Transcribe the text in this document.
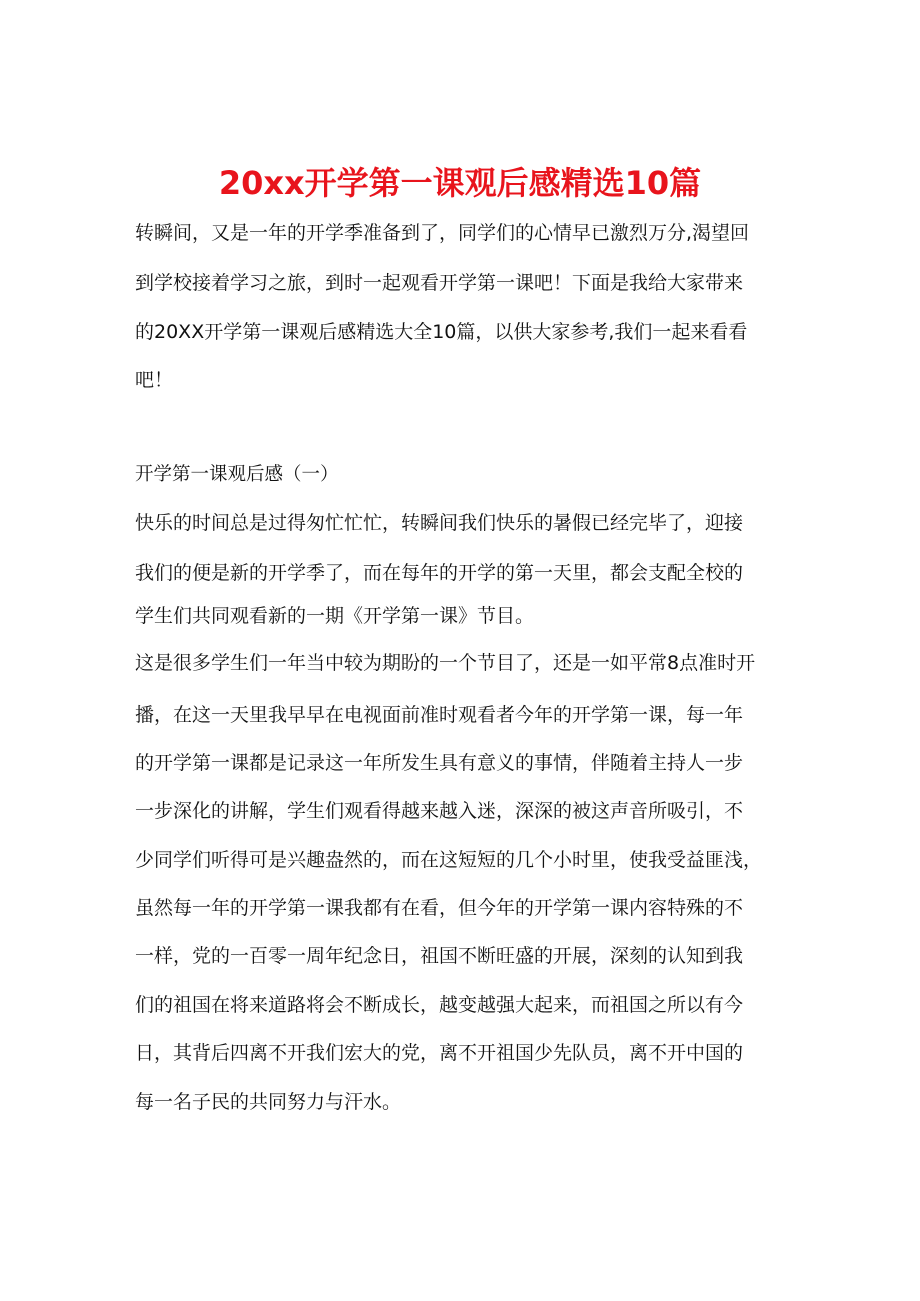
20xx开学第一课观后感精选10篇

转瞬间，又是一年的开学季准备到了，同学们的心情早已激烈万分,渴望回

到学校接着学习之旅，到时一起观看开学第一课吧！下面是我给大家带来

的20XX开学第一课观后感精选大全10篇，以供大家参考,我们一起来看看

吧！

开学第一课观后感（一）

快乐的时间总是过得匆忙忙忙，转瞬间我们快乐的暑假已经完毕了，迎接

我们的便是新的开学季了，而在每年的开学的第一天里，都会支配全校的

学生们共同观看新的一期《开学第一课》节目。

这是很多学生们一年当中较为期盼的一个节目了，还是一如平常8点准时开

播，在这一天里我早早在电视面前准时观看者今年的开学第一课，每一年

的开学第一课都是记录这一年所发生具有意义的事情，伴随着主持人一步

一步深化的讲解，学生们观看得越来越入迷，深深的被这声音所吸引，不

少同学们听得可是兴趣盎然的，而在这短短的几个小时里，使我受益匪浅，

虽然每一年的开学第一课我都有在看，但今年的开学第一课内容特殊的不

一样，党的一百零一周年纪念日，祖国不断旺盛的开展，深刻的认知到我

们的祖国在将来道路将会不断成长，越变越强大起来，而祖国之所以有今

日，其背后四离不开我们宏大的党，离不开祖国少先队员，离不开中国的

每一名子民的共同努力与汗水。
